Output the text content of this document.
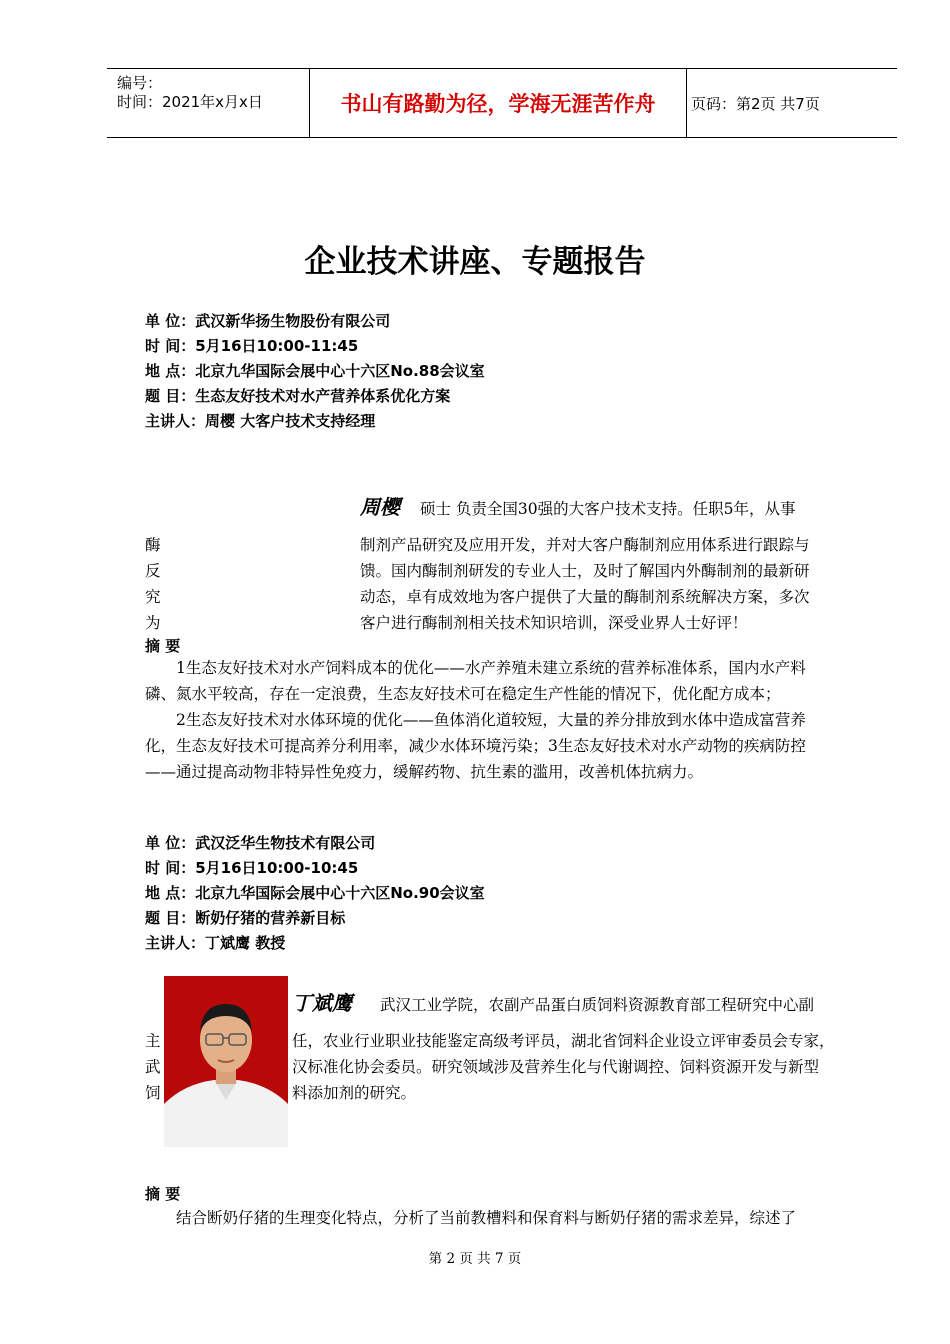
编号：
时间：2021年x月x日	书山有路勤为径，学海无涯苦作舟	页码：第2页 共7页
企业技术讲座、专题报告
单 位：武汉新华扬生物股份有限公司
时 间：5月16日10:00-11:45
地 点：北京九华国际会展中心十六区No.88会议室
题 目：生态友好技术对水产营养体系优化方案
主讲人：周樱 大客户技术支持经理
周樱 硕士 负责全国30强的大客户技术支持。任职5年，从事
制剂产品研究及应用开发，并对大客户酶制剂应用体系进行跟踪与
馈。国内酶制剂研发的专业人士，及时了解国内外酶制剂的最新研
动态，卓有成效地为客户提供了大量的酶制剂系统解决方案，多次
客户进行酶制剂相关技术知识培训，深受业界人士好评！
酶
反
究
为
摘 要
1生态友好技术对水产饲料成本的优化——水产养殖未建立系统的营养标准体系，国内水产料
磷、氮水平较高，存在一定浪费，生态友好技术可在稳定生产性能的情况下，优化配方成本；
2生态友好技术对水体环境的优化——鱼体消化道较短，大量的养分排放到水体中造成富营养
化，生态友好技术可提高养分利用率，减少水体环境污染；3生态友好技术对水产动物的疾病防控
——通过提高动物非特异性免疫力，缓解药物、抗生素的滥用，改善机体抗病力。
单 位：武汉泛华生物技术有限公司
时 间：5月16日10:00-10:45
地 点：北京九华国际会展中心十六区No.90会议室
题 目：断奶仔猪的营养新目标
主讲人：丁斌鹰 教授
丁斌鹰 武汉工业学院，农副产品蛋白质饲料资源教育部工程研究中心副
任，农业行业职业技能鉴定高级考评员，湖北省饲料企业设立评审委员会专家，
汉标准化协会委员。研究领域涉及营养生化与代谢调控、饲料资源开发与新型
料添加剂的研究。
主
武
饲
摘 要
结合断奶仔猪的生理变化特点，分析了当前教槽料和保育料与断奶仔猪的需求差异，综述了
第 2 页 共 7 页
